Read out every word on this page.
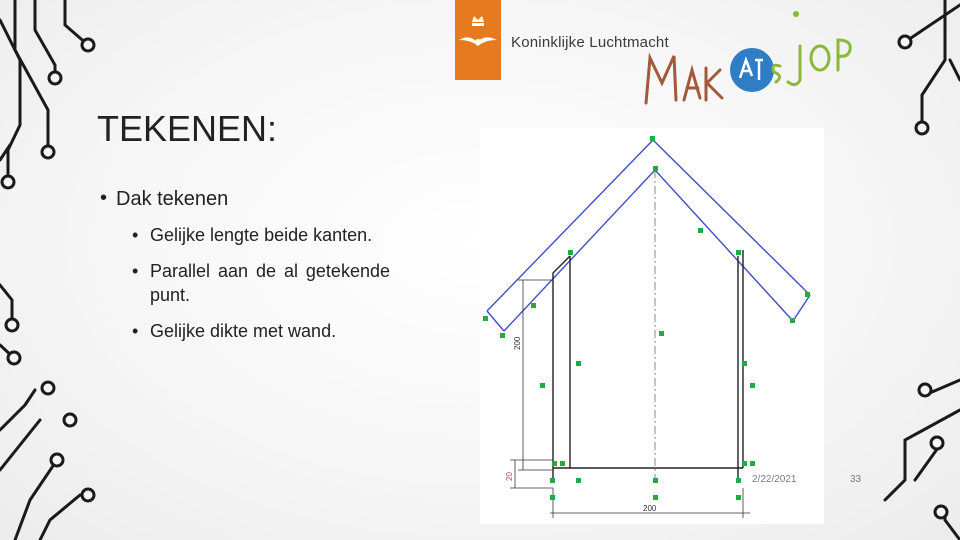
Koninklijke Luchtmacht
TEKENEN:
• Dak tekenen
• Gelijke lengte beide kanten.
• Parallel aan de al getekende punt.
• Gelijke dikte met wand.
200
200
20	2/22/2021	33
